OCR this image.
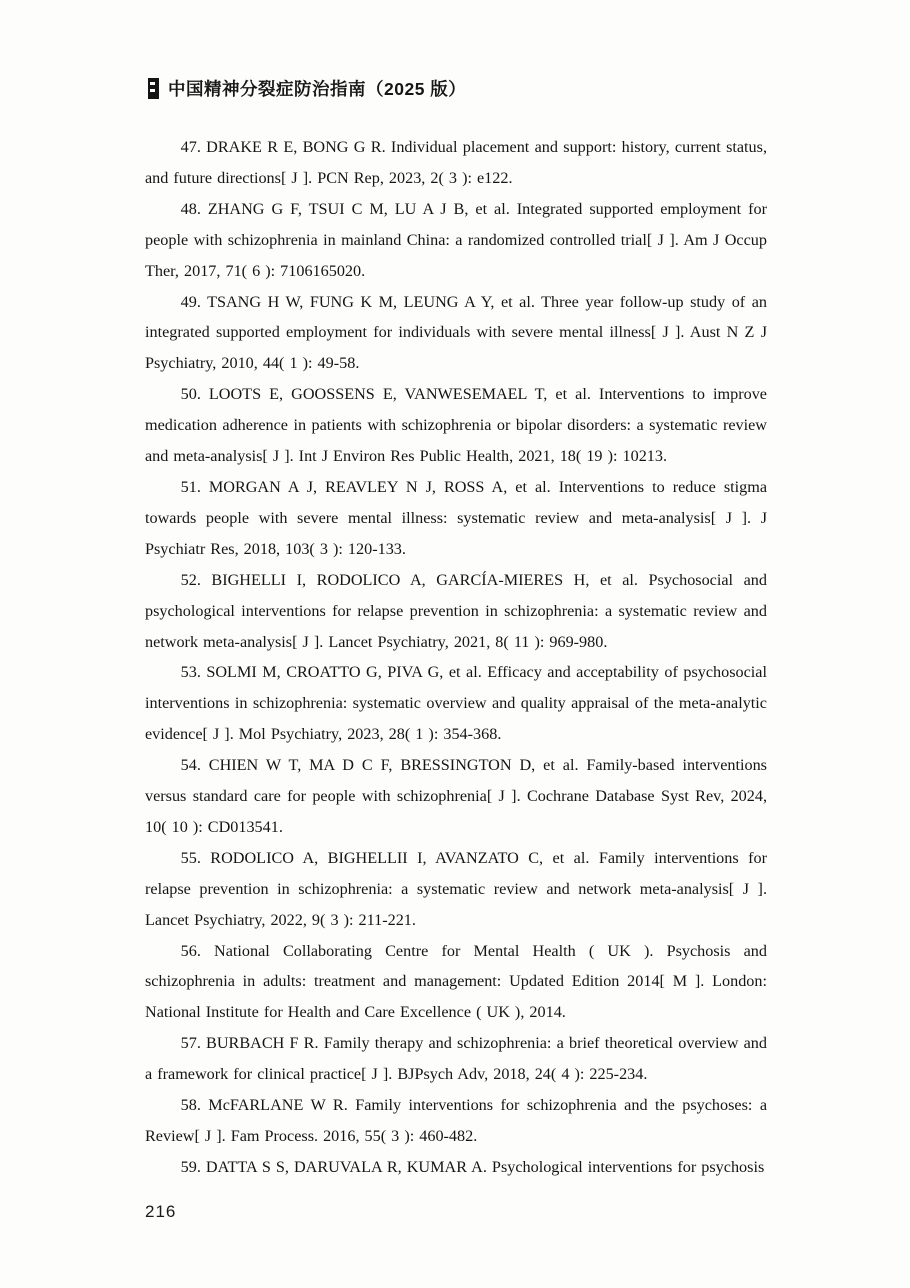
中国精神分裂症防治指南（2025 版）

47. DRAKE R E, BONG G R. Individual placement and support: history, current status, and future directions[ J ]. PCN Rep, 2023, 2( 3 ): e122.

48. ZHANG G F, TSUI C M, LU A J B, et al. Integrated supported employment for people with schizophrenia in mainland China: a randomized controlled trial[ J ]. Am J Occup Ther, 2017, 71( 6 ): 7106165020.

49. TSANG H W, FUNG K M, LEUNG A Y, et al. Three year follow-up study of an integrated supported employment for individuals with severe mental illness[ J ]. Aust N Z J Psychiatry, 2010, 44( 1 ): 49-58.

50. LOOTS E, GOOSSENS E, VANWESEMAEL T, et al. Interventions to improve medication adherence in patients with schizophrenia or bipolar disorders: a systematic review and meta-analysis[ J ]. Int J Environ Res Public Health, 2021, 18( 19 ): 10213.

51. MORGAN A J, REAVLEY N J, ROSS A, et al. Interventions to reduce stigma towards people with severe mental illness: systematic review and meta-analysis[ J ]. J Psychiatr Res, 2018, 103( 3 ): 120-133.

52. BIGHELLI I, RODOLICO A, GARCÍA-MIERES H, et al. Psychosocial and psychological interventions for relapse prevention in schizophrenia: a systematic review and network meta-analysis[ J ]. Lancet Psychiatry, 2021, 8( 11 ): 969-980.

53. SOLMI M, CROATTO G, PIVA G, et al. Efficacy and acceptability of psychosocial interventions in schizophrenia: systematic overview and quality appraisal of the meta-analytic evidence[ J ]. Mol Psychiatry, 2023, 28( 1 ): 354-368.

54. CHIEN W T, MA D C F, BRESSINGTON D, et al. Family-based interventions versus standard care for people with schizophrenia[ J ]. Cochrane Database Syst Rev, 2024, 10( 10 ): CD013541.

55. RODOLICO A, BIGHELLII I, AVANZATO C, et al. Family interventions for relapse prevention in schizophrenia: a systematic review and network meta-analysis[ J ]. Lancet Psychiatry, 2022, 9( 3 ): 211-221.

56. National Collaborating Centre for Mental Health ( UK ). Psychosis and schizophrenia in adults: treatment and management: Updated Edition 2014[ M ]. London: National Institute for Health and Care Excellence ( UK ), 2014.

57. BURBACH F R. Family therapy and schizophrenia: a brief theoretical overview and a framework for clinical practice[ J ]. BJPsych Adv, 2018, 24( 4 ): 225-234.

58. McFARLANE W R. Family interventions for schizophrenia and the psychoses: a Review[ J ]. Fam Process. 2016, 55( 3 ): 460-482.

59. DATTA S S, DARUVALA R, KUMAR A. Psychological interventions for psychosis

216
